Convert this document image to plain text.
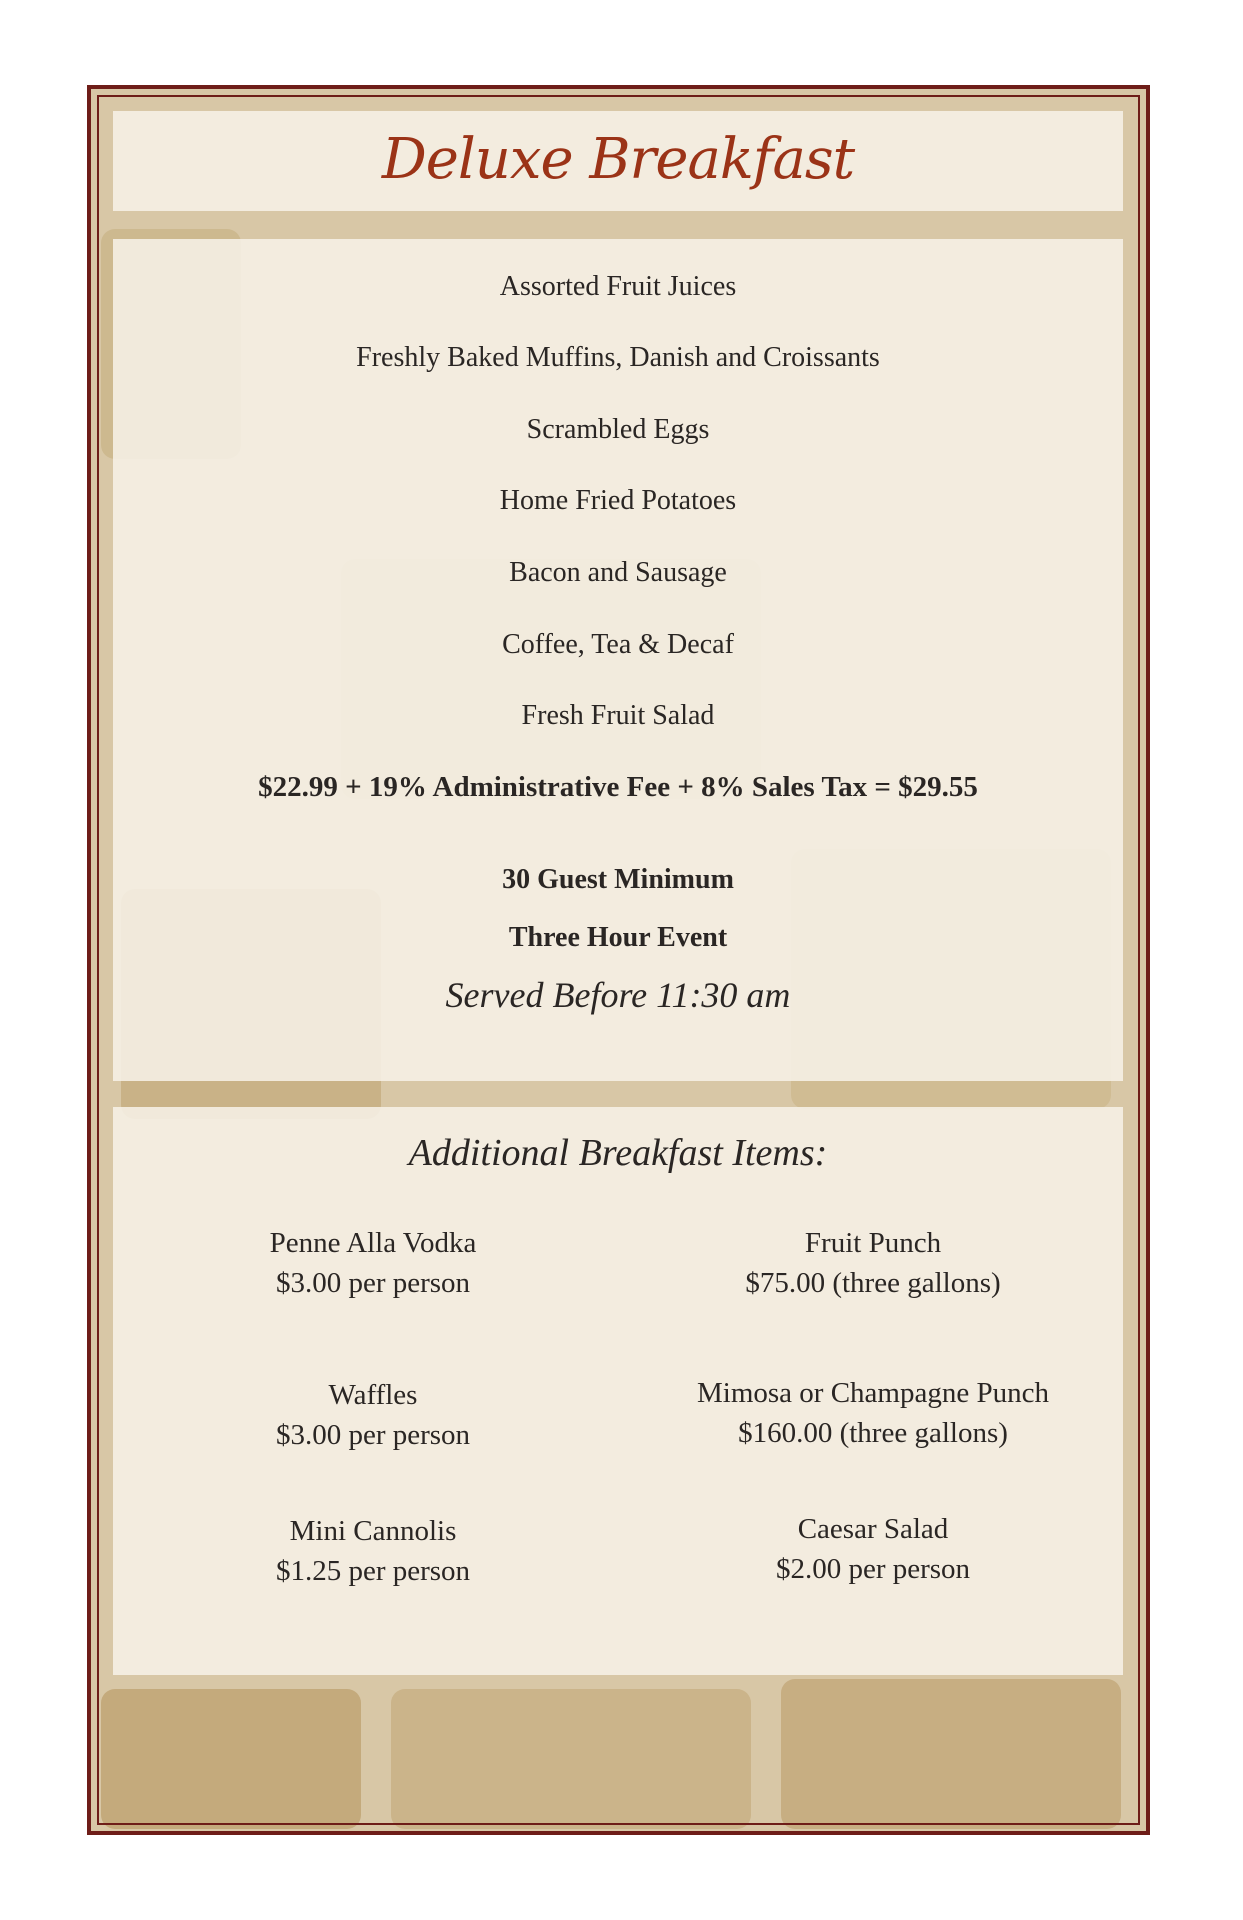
Deluxe Breakfast
Assorted Fruit Juices
Freshly Baked Muffins, Danish and Croissants
Scrambled Eggs
Home Fried Potatoes
Bacon and Sausage
Coffee, Tea & Decaf
Fresh Fruit Salad
$22.99 + 19% Administrative Fee + 8% Sales Tax = $29.55
30 Guest Minimum
Three Hour Event
Served Before 11:30 am
Additional Breakfast Items:
Penne Alla Vodka
$3.00 per person
Waffles
$3.00 per person
Mini Cannolis
$1.25 per person
Fruit Punch
$75.00 (three gallons)
Mimosa or Champagne Punch
$160.00 (three gallons)
Caesar Salad
$2.00 per person
